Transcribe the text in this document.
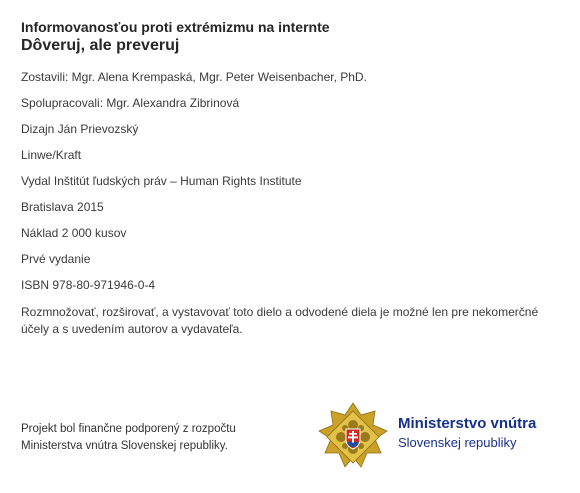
Informovanosťou proti extrémizmu na internte

Dôveruj, ale preveruj

Zostavili: Mgr. Alena Krempaská, Mgr. Peter Weisenbacher, PhD.

Spolupracovali: Mgr. Alexandra Zibrinová

Dizajn Ján Prievozský

Linwe/Kraft

Vydal Inštitút ľudských práv – Human Rights Institute

Bratislava 2015

Náklad 2 000 kusov

Prvé vydanie

ISBN 978-80-971946-0-4

Rozmnožovať, rozširovať, a vystavovať toto dielo a odvodené diela je možné len pre nekomerčné účely a s uvedením autorov a vydavateľa.

Projekt bol finančne podporený z rozpočtu
Ministerstva vnútra Slovenskej republiky.
Ministerstvo vnútra
Slovenskej republiky
